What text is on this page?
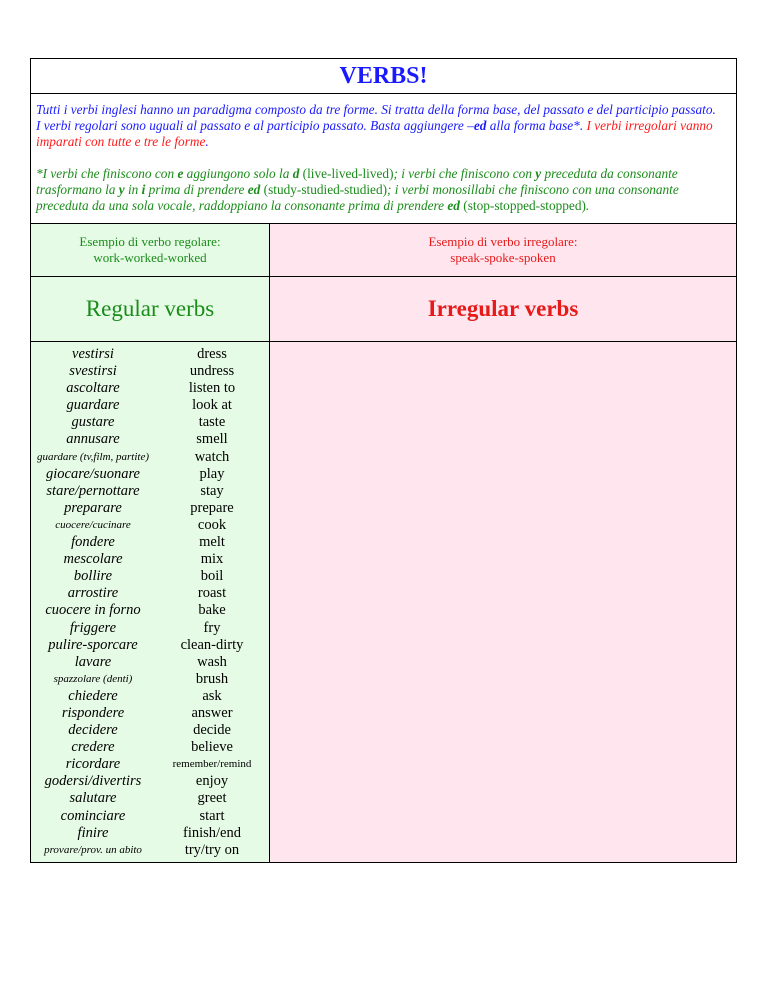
VERBS!

Tutti i verbi inglesi hanno un paradigma composto da tre forme. Si tratta della forma base, del passato e del participio passato.

I verbi regolari sono uguali al passato e al participio passato. Basta aggiungere –ed alla forma base*. I verbi irregolari vanno imparati con tutte e tre le forme.

*I verbi che finiscono con e aggiungono solo la d (live-lived-lived); i verbi che finiscono con y preceduta da consonante trasformano la y in i prima di prendere ed (study-studied-studied); i verbi monosillabi che finiscono con una consonante preceduta da una sola vocale, raddoppiano la consonante prima di prendere ed (stop-stopped-stopped).

Esempio di verbo regolare:
work-worked-worked
Esempio di verbo irregolare:
speak-spoke-spoken
Regular verbs	Irregular verbs
vestirsi
svestirsi
ascoltare
guardare
gustare
annusare
guardare (tv,film, partite)
giocare/suonare
stare/pernottare
preparare
cuocere/cucinare
fondere
mescolare
bollire
arrostire
cuocere in forno
friggere
pulire-sporcare
lavare
spazzolare (denti)
chiedere
rispondere
decidere
credere
ricordare
godersi/divertirs
salutare
cominciare
finire
provare/prov. un abito
dress
undress
listen to
look at
taste
smell
watch
play
stay
prepare
cook
melt
mix
boil
roast
bake
fry
clean-dirty
wash
brush
ask
answer
decide
believe
remember/remind
enjoy
greet
start
finish/end
try/try on
